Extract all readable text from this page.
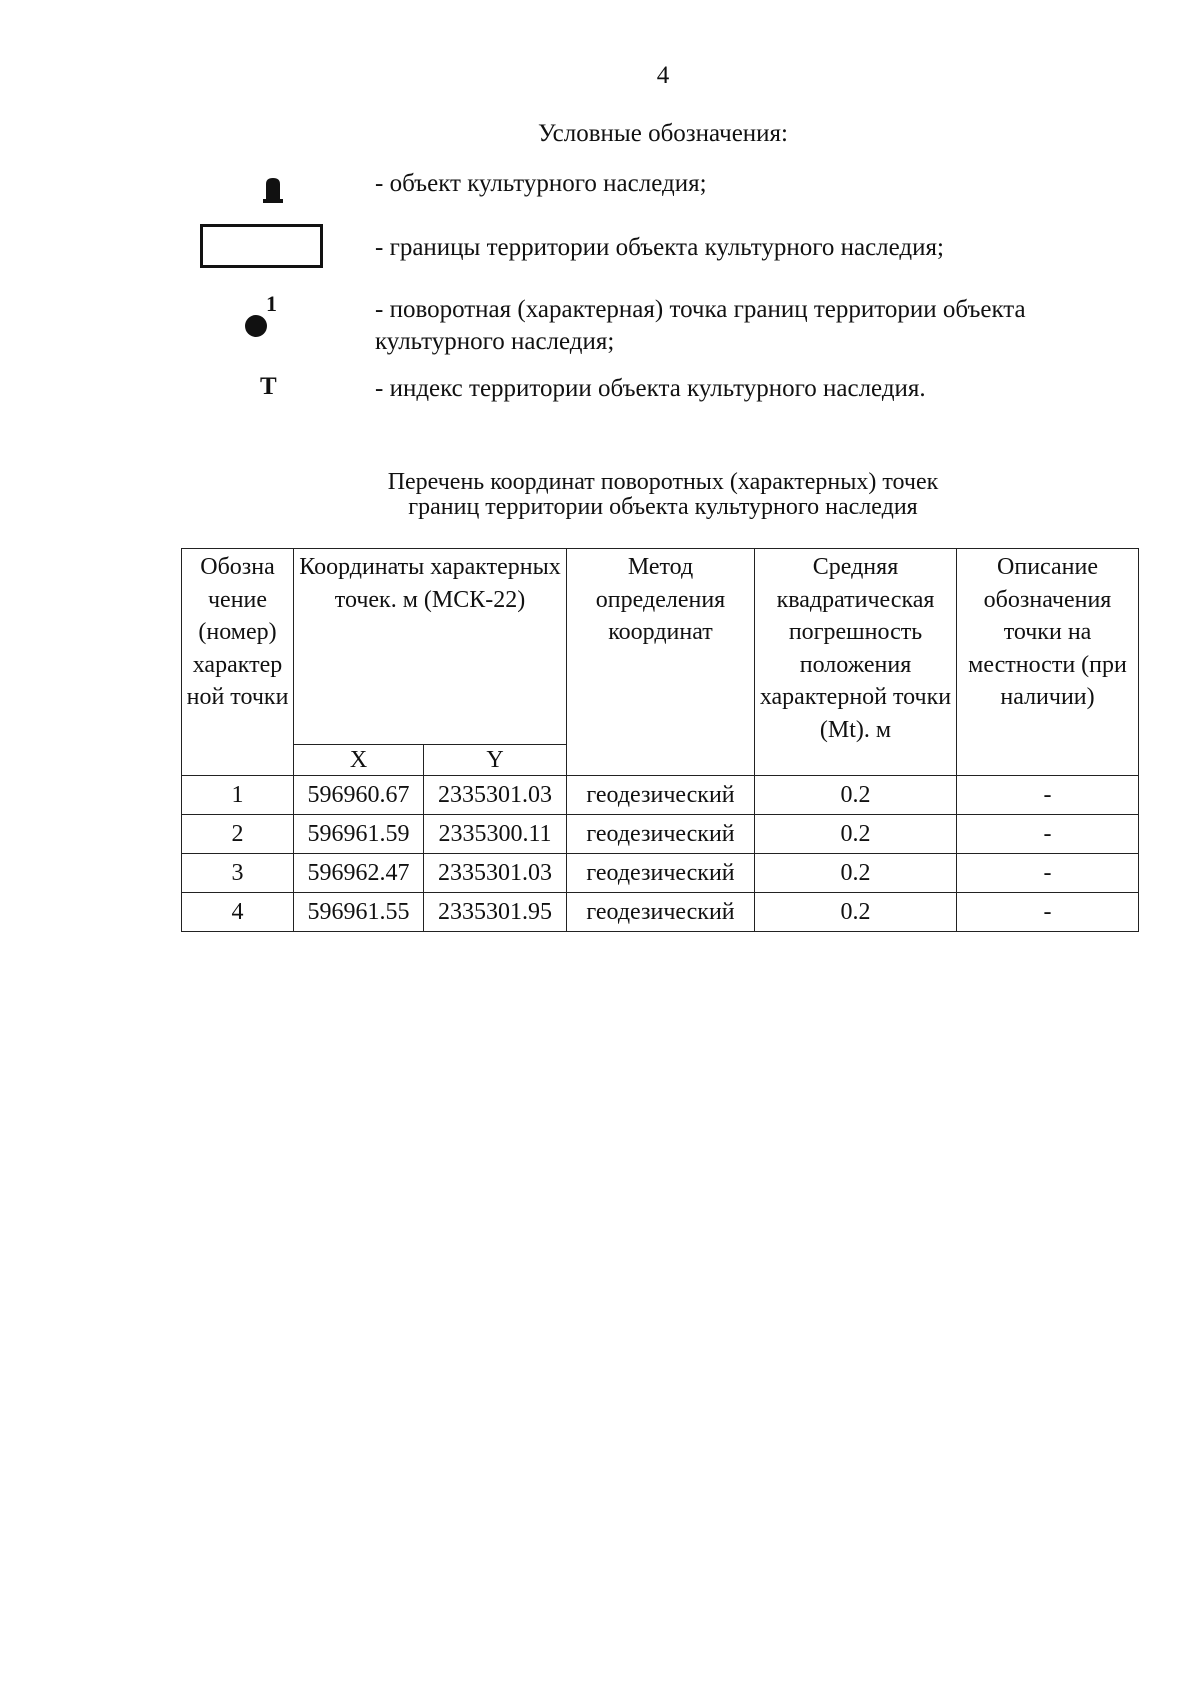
4
Условные обозначения:
- объект культурного наследия;
- границы территории объекта культурного наследия;
1	- поворотная (характерная) точка границ территории объекта культурного наследия;
Т	- индекс территории объекта культурного наследия.
Перечень координат поворотных (характерных) точек
границ территории объекта культурного наследия
Обозна чение (номер) характер ной точки	Координаты характерных точек. м (МСК-22)		Метод определения координат	Средняя квадратическая погрешность положения характерной точки (Mt). м	Описание обозначения точки на местности (при наличии)
	X	Y			
1	596960.67	2335301.03	геодезический	0.2	-
2	596961.59	2335300.11	геодезический	0.2	-
3	596962.47	2335301.03	геодезический	0.2	-
4	596961.55	2335301.95	геодезический	0.2	-
